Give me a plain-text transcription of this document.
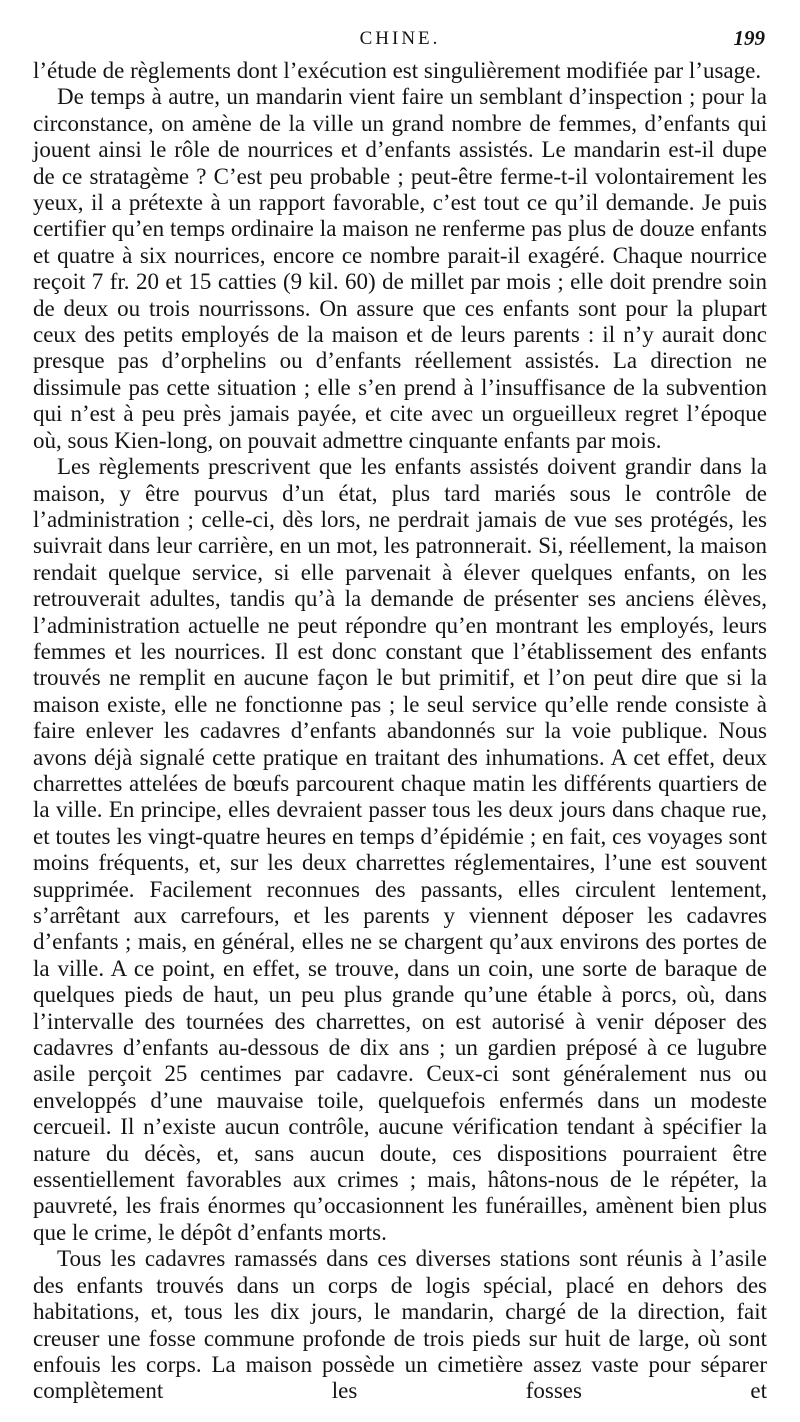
CHINE.	199

l’étude de règlements dont l’exécution est singulièrement modifiée par l’usage.

De temps à autre, un mandarin vient faire un semblant d’inspection ; pour la circonstance, on amène de la ville un grand nombre de femmes, d’enfants qui jouent ainsi le rôle de nourrices et d’enfants assistés. Le mandarin est-il dupe de ce stratagème ? C’est peu probable ; peut-être ferme-t-il volontairement les yeux, il a prétexte à un rapport favorable, c’est tout ce qu’il demande. Je puis certifier qu’en temps ordinaire la maison ne renferme pas plus de douze enfants et quatre à six nourrices, encore ce nombre parait-il exagéré. Chaque nourrice reçoit 7 fr. 20 et 15 catties (9 kil. 60) de millet par mois ; elle doit prendre soin de deux ou trois nourrissons. On assure que ces enfants sont pour la plupart ceux des petits employés de la maison et de leurs parents : il n’y aurait donc presque pas d’orphelins ou d’enfants réellement assistés. La direction ne dissimule pas cette situation ; elle s’en prend à l’insuffisance de la subvention qui n’est à peu près jamais payée, et cite avec un orgueilleux regret l’époque où, sous Kien-long, on pouvait admettre cinquante enfants par mois.

Les règlements prescrivent que les enfants assistés doivent grandir dans la maison, y être pourvus d’un état, plus tard mariés sous le contrôle de l’administration ; celle-ci, dès lors, ne perdrait jamais de vue ses protégés, les suivrait dans leur carrière, en un mot, les patronnerait. Si, réellement, la maison rendait quelque service, si elle parvenait à élever quelques enfants, on les retrouverait adultes, tandis qu’à la demande de présenter ses anciens élèves, l’administration actuelle ne peut répondre qu’en montrant les employés, leurs femmes et les nourrices. Il est donc constant que l’établissement des enfants trouvés ne remplit en aucune façon le but primitif, et l’on peut dire que si la maison existe, elle ne fonctionne pas ; le seul service qu’elle rende consiste à faire enlever les cadavres d’enfants abandonnés sur la voie publique. Nous avons déjà signalé cette pratique en traitant des inhumations. A cet effet, deux charrettes attelées de bœufs parcourent chaque matin les différents quartiers de la ville. En principe, elles devraient passer tous les deux jours dans chaque rue, et toutes les vingt-quatre heures en temps d’épidémie ; en fait, ces voyages sont moins fréquents, et, sur les deux charrettes réglementaires, l’une est souvent supprimée. Facilement reconnues des passants, elles circulent lentement, s’arrêtant aux carrefours, et les parents y viennent déposer les cadavres d’enfants ; mais, en général, elles ne se chargent qu’aux environs des portes de la ville. A ce point, en effet, se trouve, dans un coin, une sorte de baraque de quelques pieds de haut, un peu plus grande qu’une étable à porcs, où, dans l’intervalle des tournées des charrettes, on est autorisé à venir déposer des cadavres d’enfants au-dessous de dix ans ; un gardien préposé à ce lugubre asile perçoit 25 centimes par cadavre. Ceux-ci sont généralement nus ou enveloppés d’une mauvaise toile, quelquefois enfermés dans un modeste cercueil. Il n’existe aucun contrôle, aucune vérification tendant à spécifier la nature du décès, et, sans aucun doute, ces dispositions pourraient être essentiellement favorables aux crimes ; mais, hâtons-nous de le répéter, la pauvreté, les frais énormes qu’occasionnent les funérailles, amènent bien plus que le crime, le dépôt d’enfants morts.

Tous les cadavres ramassés dans ces diverses stations sont réunis à l’asile des enfants trouvés dans un corps de logis spécial, placé en dehors des habitations, et, tous les dix jours, le mandarin, chargé de la direction, fait creuser une fosse commune profonde de trois pieds sur huit de large, où sont enfouis les corps. La maison possède un cimetière assez vaste pour séparer complètement les fosses et
